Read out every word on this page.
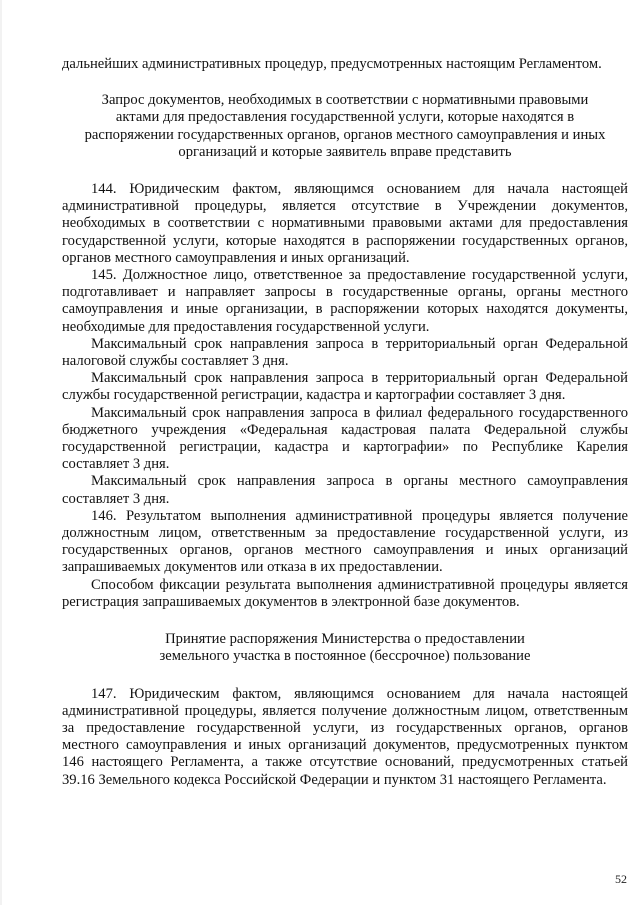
дальнейших административных процедур, предусмотренных настоящим Регламентом.

Запрос документов, необходимых в соответствии с нормативными правовыми актами для предоставления государственной услуги, которые находятся в распоряжении государственных органов, органов местного самоуправления и иных организаций и которые заявитель вправе представить

144. Юридическим фактом, являющимся основанием для начала настоящей административной процедуры, является отсутствие в Учреждении документов, необходимых в соответствии с нормативными правовыми актами для предоставления государственной услуги, которые находятся в распоряжении государственных органов, органов местного самоуправления и иных организаций.

145. Должностное лицо, ответственное за предоставление государственной услуги, подготавливает и направляет запросы в государственные органы, органы местного самоуправления и иные организации, в распоряжении которых находятся документы, необходимые для предоставления государственной услуги.

Максимальный срок направления запроса в территориальный орган Федеральной налоговой службы составляет 3 дня.

Максимальный срок направления запроса в территориальный орган Федеральной службы государственной регистрации, кадастра и картографии составляет 3 дня.

Максимальный срок направления запроса в филиал федерального государственного бюджетного учреждения «Федеральная кадастровая палата Федеральной службы государственной регистрации, кадастра и картографии» по Республике Карелия составляет 3 дня.

Максимальный срок направления запроса в органы местного самоуправления составляет 3 дня.

146. Результатом выполнения административной процедуры является получение должностным лицом, ответственным за предоставление государственной услуги, из государственных органов, органов местного самоуправления и иных организаций запрашиваемых документов или отказа в их предоставлении.

Способом фиксации результата выполнения административной процедуры является регистрация запрашиваемых документов в электронной базе документов.

Принятие распоряжения Министерства о предоставлении

земельного участка в постоянное (бессрочное) пользование

147. Юридическим фактом, являющимся основанием для начала настоящей административной процедуры, является получение должностным лицом, ответственным за предоставление государственной услуги, из государственных органов, органов местного самоуправления и иных организаций документов, предусмотренных пунктом 146 настоящего Регламента, а также отсутствие оснований, предусмотренных статьей 39.16 Земельного кодекса Российской Федерации и пунктом 31 настоящего Регламента.

52
